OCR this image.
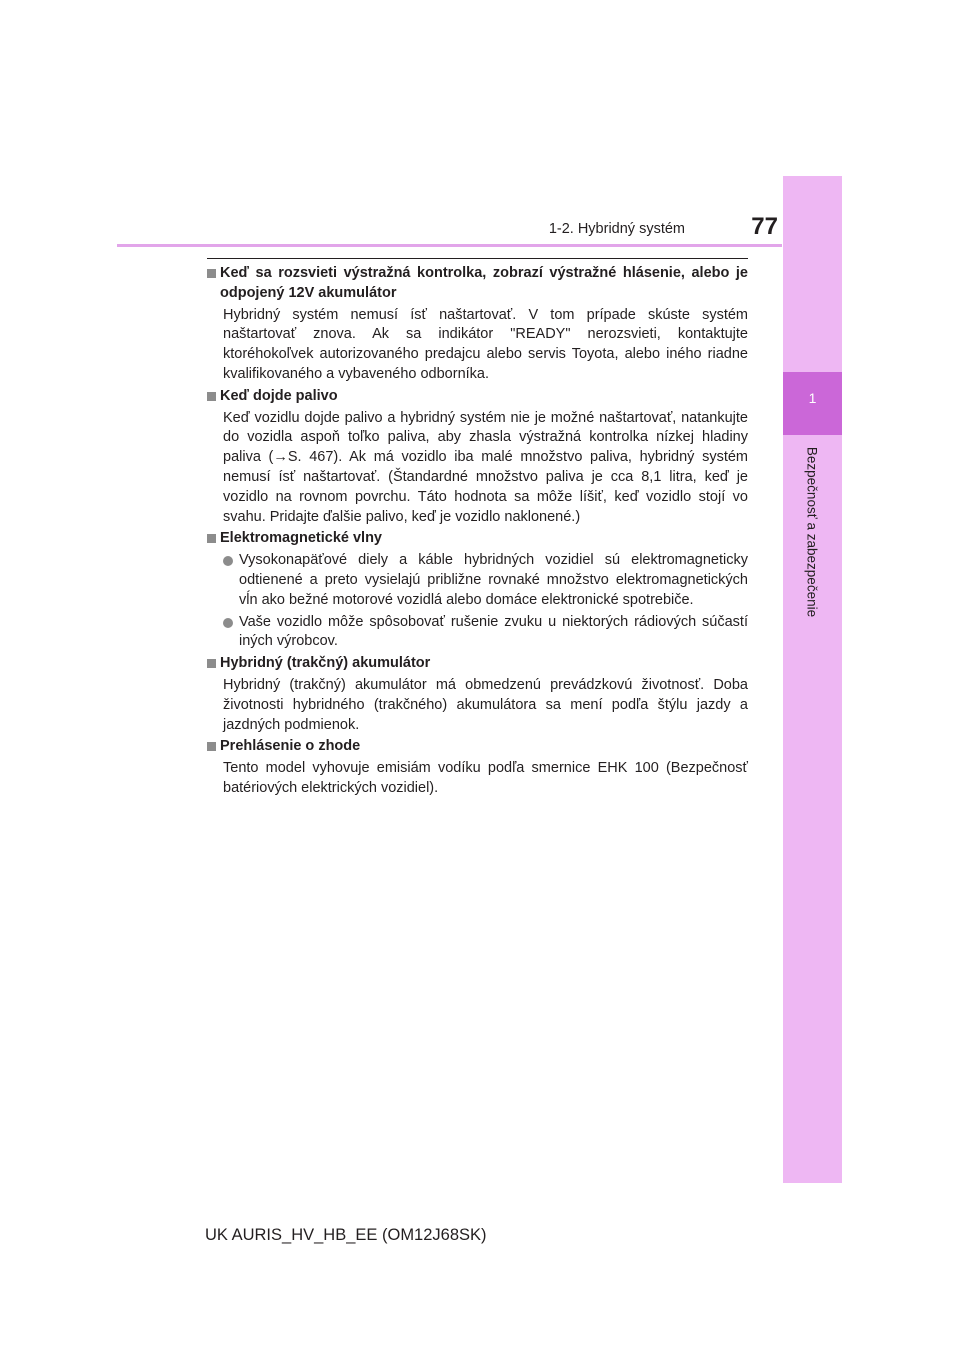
1-2. Hybridný systém	77
1
Bezpečnosť a zabezpečenie
Keď sa rozsvieti výstražná kontrolka, zobrazí výstražné hlásenie, alebo je odpojený 12V akumulátor
Hybridný systém nemusí ísť naštartovať. V tom prípade skúste systém naštartovať znova. Ak sa indikátor "READY" nerozsvieti, kontaktujte ktoréhokoľvek autorizovaného predajcu alebo servis Toyota, alebo iného riadne kvalifikovaného a vybaveného odborníka.
Keď dojde palivo
Keď vozidlu dojde palivo a hybridný systém nie je možné naštartovať, natankujte do vozidla aspoň toľko paliva, aby zhasla výstražná kontrolka nízkej hladiny paliva (→S. 467). Ak má vozidlo iba malé množstvo paliva, hybridný systém nemusí ísť naštartovať. (Štandardné množstvo paliva je cca 8,1 litra, keď je vozidlo na rovnom povrchu. Táto hodnota sa môže líšiť, keď vozidlo stojí vo svahu. Pridajte ďalšie palivo, keď je vozidlo naklonené.)
Elektromagnetické vlny
Vysokonapäťové diely a káble hybridných vozidiel sú elektromagneticky odtienené a preto vysielajú približne rovnaké množstvo elektromagnetických vĺn ako bežné motorové vozidlá alebo domáce elektronické spotrebiče.
Vaše vozidlo môže spôsobovať rušenie zvuku u niektorých rádiových súčastí iných výrobcov.
Hybridný (trakčný) akumulátor
Hybridný (trakčný) akumulátor má obmedzenú prevádzkovú životnosť. Doba životnosti hybridného (trakčného) akumulátora sa mení podľa štýlu jazdy a jazdných podmienok.
Prehlásenie o zhode
Tento model vyhovuje emisiám vodíku podľa smernice EHK 100 (Bezpečnosť batériových elektrických vozidiel).
UK AURIS_HV_HB_EE (OM12J68SK)
